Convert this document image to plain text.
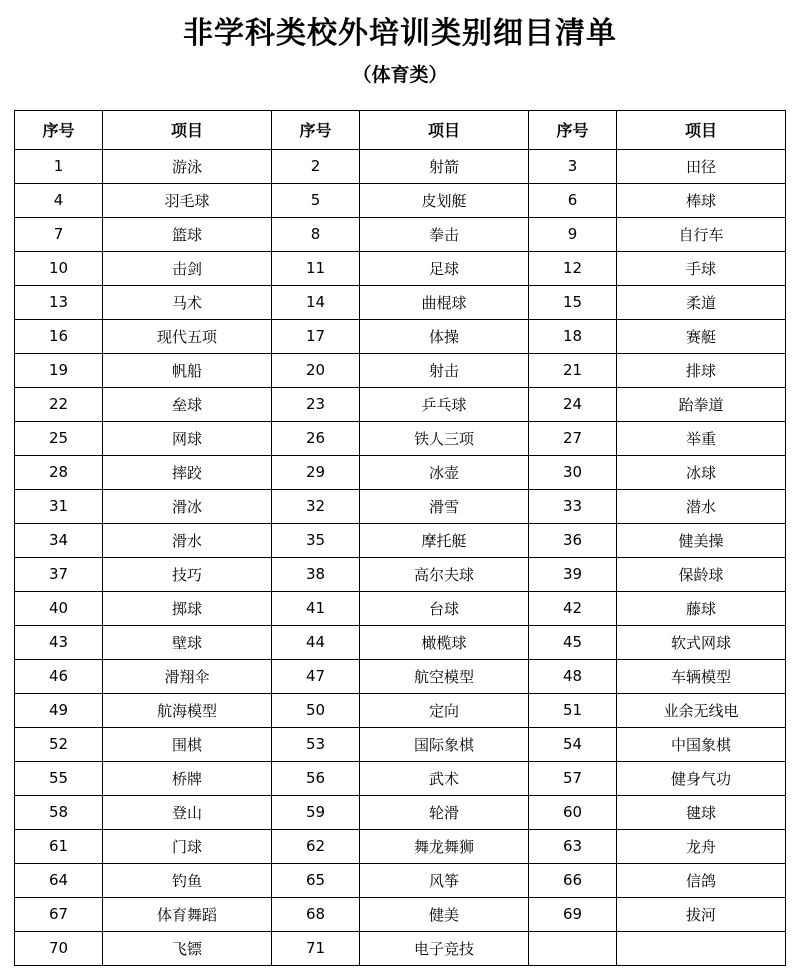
非学科类校外培训类别细目清单
（体育类）
序号	项目	序号	项目	序号	项目
1	游泳	2	射箭	3	田径
4	羽毛球	5	皮划艇	6	棒球
7	篮球	8	拳击	9	自行车
10	击剑	11	足球	12	手球
13	马术	14	曲棍球	15	柔道
16	现代五项	17	体操	18	赛艇
19	帆船	20	射击	21	排球
22	垒球	23	乒乓球	24	跆拳道
25	网球	26	铁人三项	27	举重
28	摔跤	29	冰壶	30	冰球
31	滑冰	32	滑雪	33	潜水
34	滑水	35	摩托艇	36	健美操
37	技巧	38	高尔夫球	39	保龄球
40	掷球	41	台球	42	藤球
43	壁球	44	橄榄球	45	软式网球
46	滑翔伞	47	航空模型	48	车辆模型
49	航海模型	50	定向	51	业余无线电
52	围棋	53	国际象棋	54	中国象棋
55	桥牌	56	武术	57	健身气功
58	登山	59	轮滑	60	毽球
61	门球	62	舞龙舞狮	63	龙舟
64	钓鱼	65	风筝	66	信鸽
67	体育舞蹈	68	健美	69	拔河
70	飞镖	71	电子竞技		
